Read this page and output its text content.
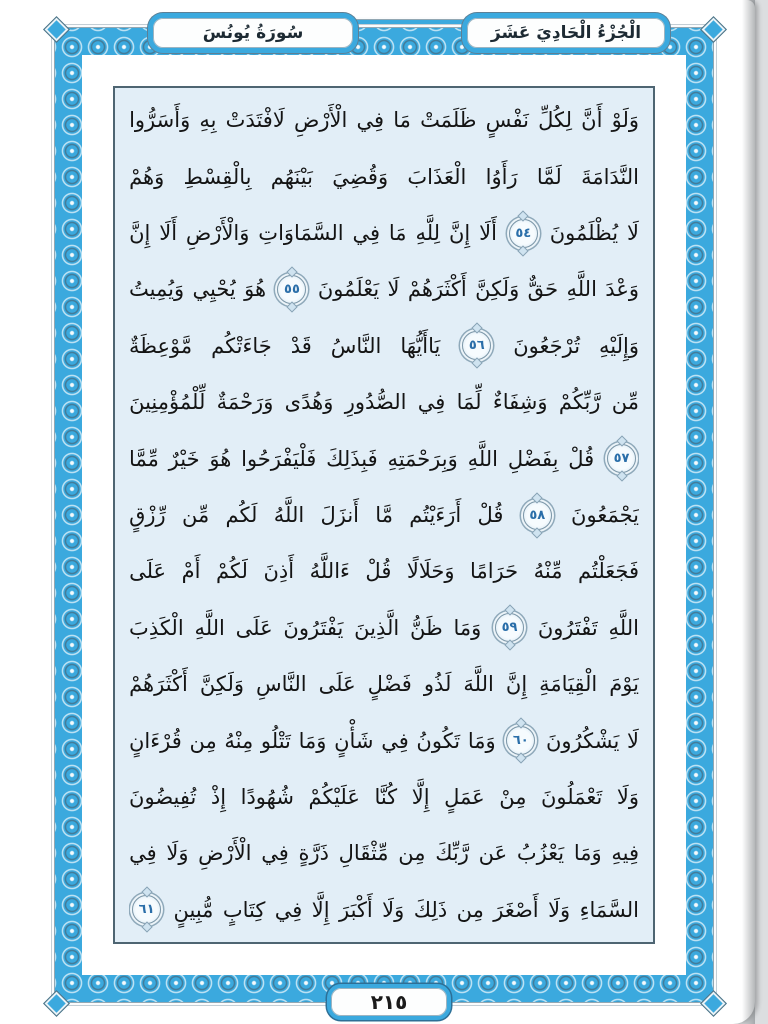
وَلَوْ
أَنَّ
لِكُلِّ
نَفْسٍ
ظَلَمَتْ
مَا
فِي
الْأَرْضِ
لَافْتَدَتْ
بِهِ
وَأَسَرُّوا
النَّدَامَةَ
لَمَّا
رَأَوُا
الْعَذَابَ
وَقُضِيَ
بَيْنَهُم
بِالْقِسْطِ
وَهُمْ
لَا
يُظْلَمُونَ
٥٤
أَلَا
إِنَّ
لِلَّهِ
مَا
فِي
السَّمَاوَاتِ
وَالْأَرْضِ
أَلَا
إِنَّ
وَعْدَ
اللَّهِ
حَقٌّ
وَلَكِنَّ
أَكْثَرَهُمْ
لَا
يَعْلَمُونَ
٥٥
هُوَ
يُحْيِي
وَيُمِيتُ
وَإِلَيْهِ
تُرْجَعُونَ
٥٦
يَاأَيُّهَا
النَّاسُ
قَدْ
جَاءَتْكُم
مَّوْعِظَةٌ
مِّن
رَّبِّكُمْ
وَشِفَاءٌ
لِّمَا
فِي
الصُّدُورِ
وَهُدًى
وَرَحْمَةٌ
لِّلْمُؤْمِنِينَ
٥٧
قُلْ
بِفَضْلِ
اللَّهِ
وَبِرَحْمَتِهِ
فَبِذَلِكَ
فَلْيَفْرَحُوا
هُوَ
خَيْرٌ
مِّمَّا
يَجْمَعُونَ
٥٨
قُلْ
أَرَءَيْتُم
مَّا
أَنزَلَ
اللَّهُ
لَكُم
مِّن
رِّزْقٍ
فَجَعَلْتُم
مِّنْهُ
حَرَامًا
وَحَلَالًا
قُلْ
ءَاللَّهُ
أَذِنَ
لَكُمْ
أَمْ
عَلَى
اللَّهِ
تَفْتَرُونَ
٥٩
وَمَا
ظَنُّ
الَّذِينَ
يَفْتَرُونَ
عَلَى
اللَّهِ
الْكَذِبَ
يَوْمَ
الْقِيَامَةِ
إِنَّ
اللَّهَ
لَذُو
فَضْلٍ
عَلَى
النَّاسِ
وَلَكِنَّ
أَكْثَرَهُمْ
لَا
يَشْكُرُونَ
٦٠
وَمَا
تَكُونُ
فِي
شَأْنٍ
وَمَا
تَتْلُو
مِنْهُ
مِن
قُرْءَانٍ
وَلَا
تَعْمَلُونَ
مِنْ
عَمَلٍ
إِلَّا
كُنَّا
عَلَيْكُمْ
شُهُودًا
إِذْ
تُفِيضُونَ
فِيهِ
وَمَا
يَعْزُبُ
عَن
رَّبِّكَ
مِن
مِّثْقَالِ
ذَرَّةٍ
فِي
الْأَرْضِ
وَلَا
فِي
السَّمَاءِ
وَلَا
أَصْغَرَ
مِن
ذَلِكَ
وَلَا
أَكْبَرَ
إِلَّا
فِي
كِتَابٍ
مُّبِينٍ
٦١
سُورَةُ يُونُسَ	الْجُزْءُ الْحَادِيَ عَشَرَ
٢١٥
